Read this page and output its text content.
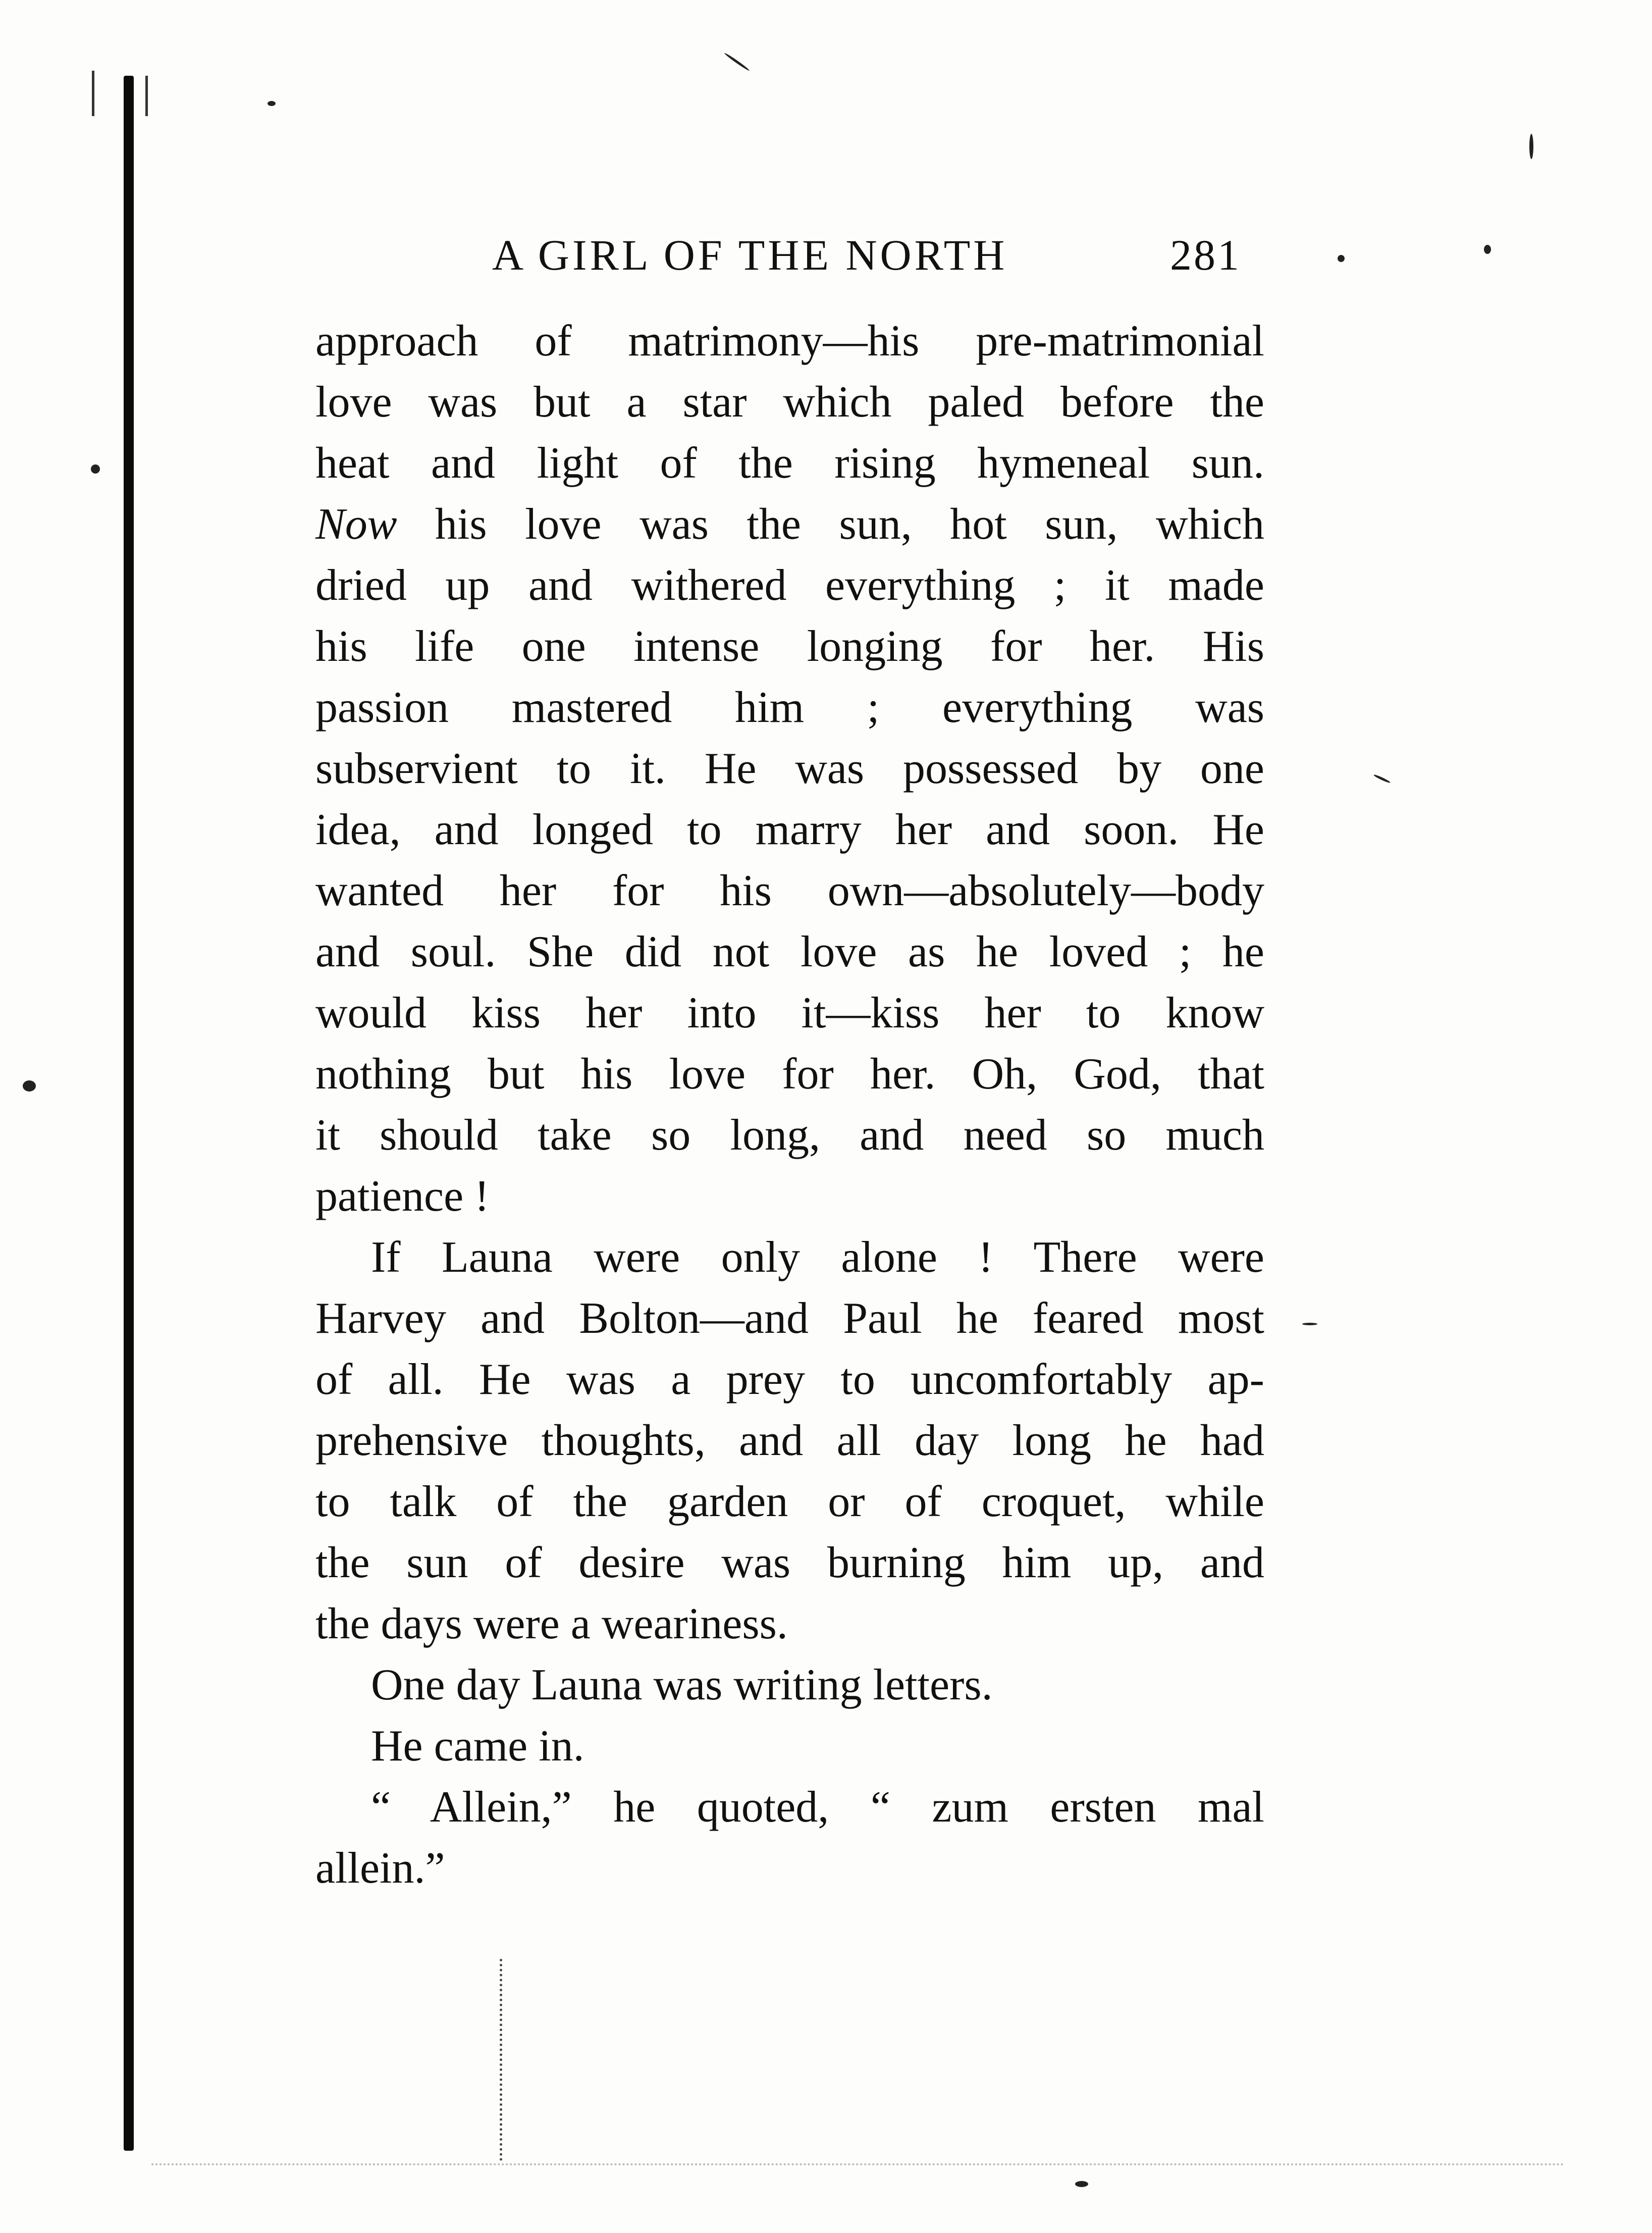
A GIRL OF THE NORTH	281
approach of matrimony—his pre-matrimonial
love was but a star which paled before the
heat and light of the rising hymeneal sun.
Now his love was the sun, hot sun, which
dried up and withered everything ; it made
his life one intense longing for her. His
passion mastered him ; everything was
subservient to it. He was possessed by one
idea, and longed to marry her and soon. He
wanted her for his own—absolutely—body
and soul. She did not love as he loved ; he
would kiss her into it—kiss her to know
nothing but his love for her. Oh, God, that
it should take so long, and need so much
patience !
If Launa were only alone ! There were
Harvey and Bolton—and Paul he feared most
of all. He was a prey to uncomfortably ap-
prehensive thoughts, and all day long he had
to talk of the garden or of croquet, while
the sun of desire was burning him up, and
the days were a weariness.
One day Launa was writing letters.
He came in.
“ Allein,” he quoted, “ zum ersten mal
allein.”
